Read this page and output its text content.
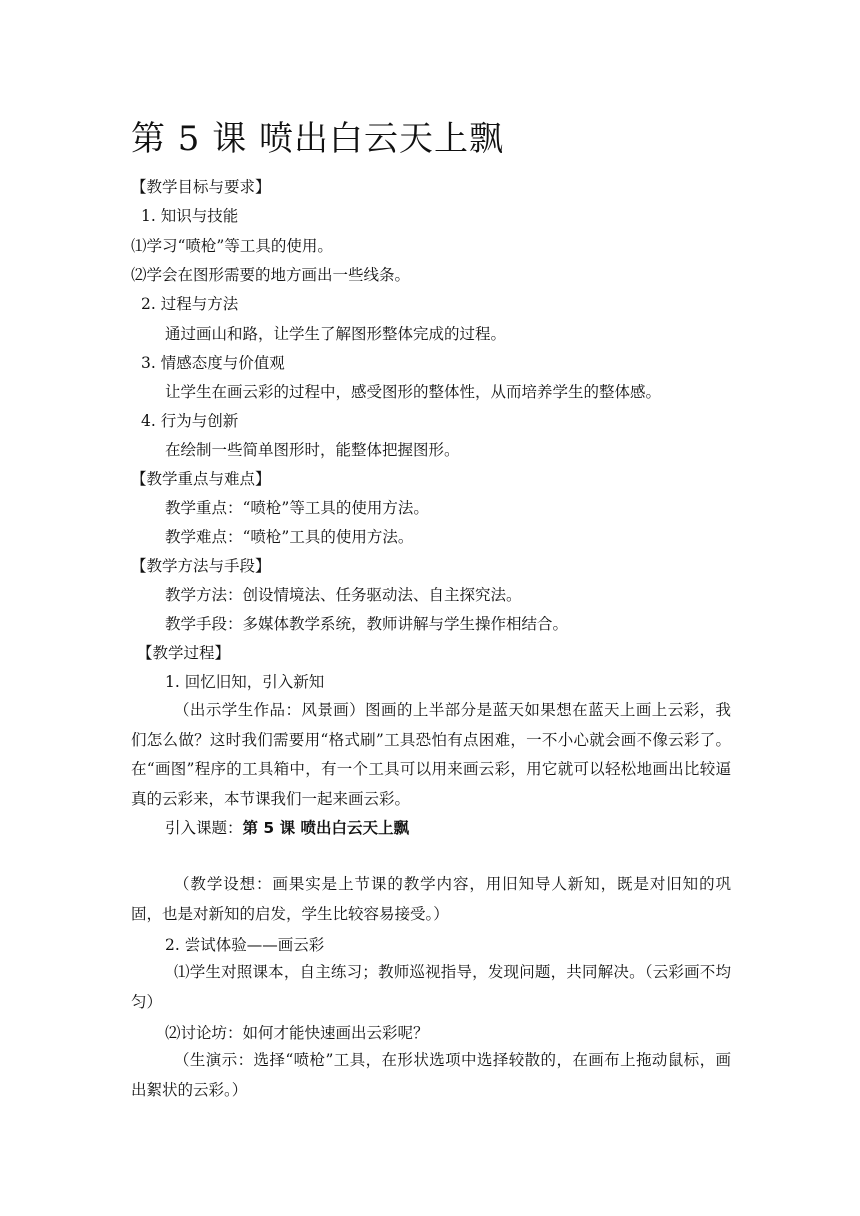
第 5 课 喷出白云天上飘
【教学目标与要求】
1. 知识与技能
⑴学习“喷枪”等工具的使用。
⑵学会在图形需要的地方画出一些线条。
2. 过程与方法
通过画山和路，让学生了解图形整体完成的过程。
3. 情感态度与价值观
让学生在画云彩的过程中，感受图形的整体性，从而培养学生的整体感。
4. 行为与创新
在绘制一些简单图形时，能整体把握图形。
【教学重点与难点】
教学重点：“喷枪”等工具的使用方法。
教学难点：“喷枪”工具的使用方法。
【教学方法与手段】
教学方法：创设情境法、任务驱动法、自主探究法。
教学手段：多媒体教学系统，教师讲解与学生操作相结合。
【教学过程】
1. 回忆旧知，引入新知
（出示学生作品：风景画）图画的上半部分是蓝天如果想在蓝天上画上云彩，我们怎么做？这时我们需要用“格式刷”工具恐怕有点困难，一不小心就会画不像云彩了。在“画图”程序的工具箱中，有一个工具可以用来画云彩，用它就可以轻松地画出比较逼真的云彩来，本节课我们一起来画云彩。
引入课题：第 5 课 喷出白云天上飘
（教学设想：画果实是上节课的教学内容，用旧知导人新知，既是对旧知的巩固，也是对新知的启发，学生比较容易接受。）
2. 尝试体验——画云彩
⑴学生对照课本，自主练习；教师巡视指导，发现问题，共同解决。（云彩画不均匀）
⑵讨论坊：如何才能快速画出云彩呢？
（生演示：选择“喷枪”工具，在形状选项中选择较散的，在画布上拖动鼠标，画出絮状的云彩。）
